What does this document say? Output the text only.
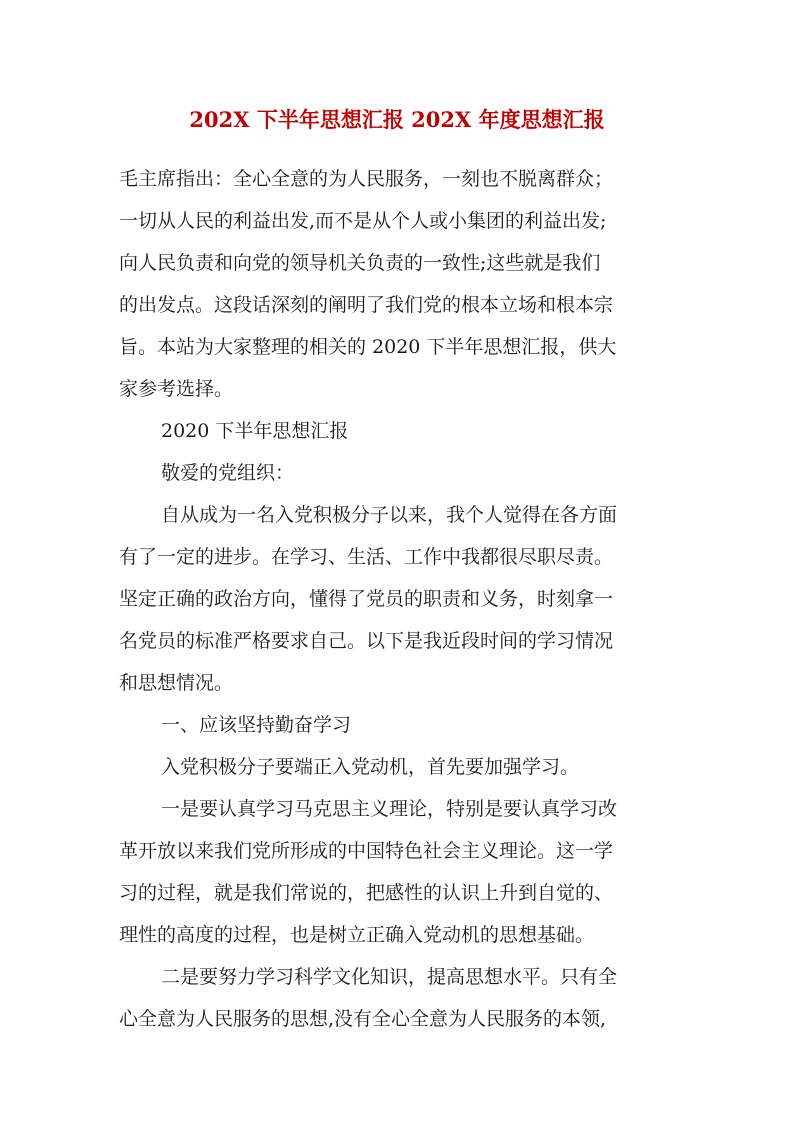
202X 下半年思想汇报 202X 年度思想汇报
毛主席指出：全心全意的为人民服务，一刻也不脱离群众；
一切从人民的利益出发,而不是从个人或小集团的利益出发;
向人民负责和向党的领导机关负责的一致性;这些就是我们
的出发点。这段话深刻的阐明了我们党的根本立场和根本宗
旨。本站为大家整理的相关的 2020 下半年思想汇报，供大
家参考选择。
2020 下半年思想汇报
敬爱的党组织：
自从成为一名入党积极分子以来，我个人觉得在各方面
有了一定的进步。在学习、生活、工作中我都很尽职尽责。
坚定正确的政治方向，懂得了党员的职责和义务，时刻拿一
名党员的标准严格要求自己。以下是我近段时间的学习情况
和思想情况。
一、应该坚持勤奋学习
入党积极分子要端正入党动机，首先要加强学习。
一是要认真学习马克思主义理论，特别是要认真学习改
革开放以来我们党所形成的中国特色社会主义理论。这一学
习的过程，就是我们常说的，把感性的认识上升到自觉的、
理性的高度的过程，也是树立正确入党动机的思想基础。
二是要努力学习科学文化知识，提高思想水平。只有全
心全意为人民服务的思想,没有全心全意为人民服务的本领,
